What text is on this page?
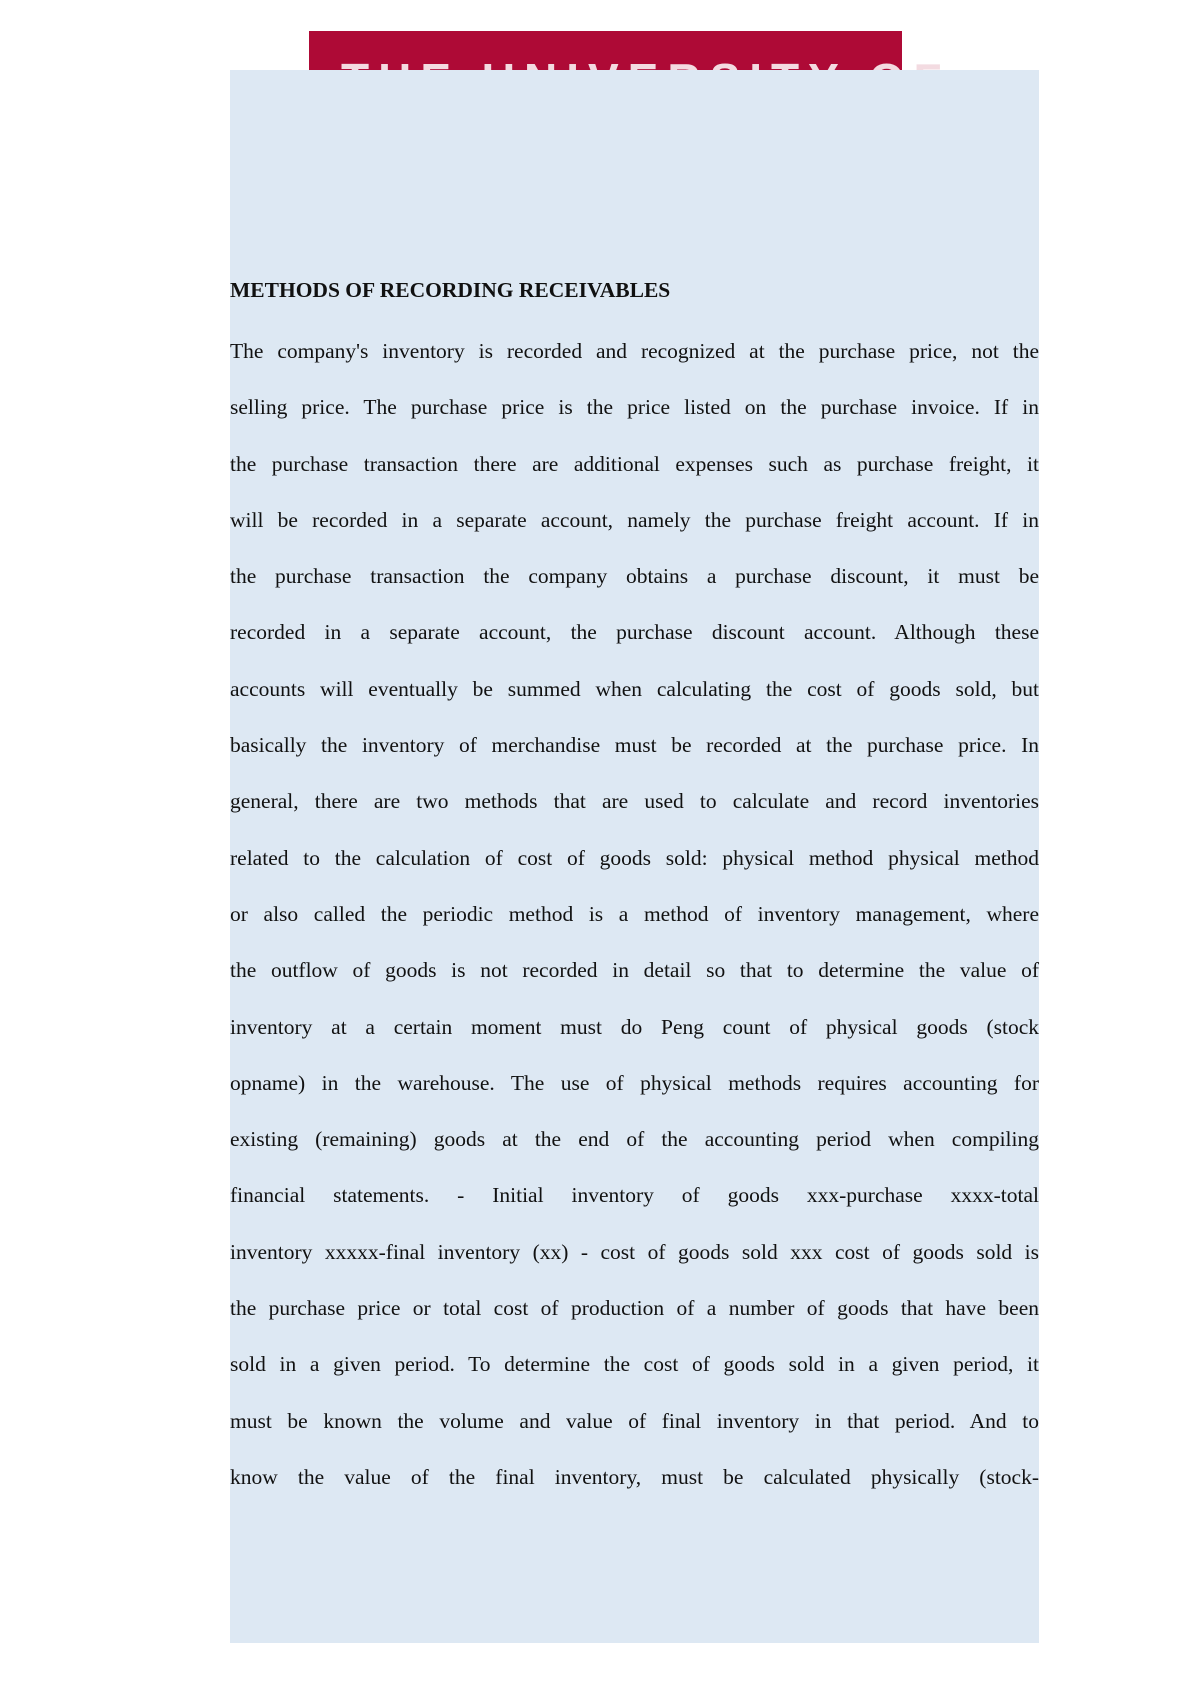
METHODS OF RECORDING RECEIVABLES
The company's inventory is recorded and recognized at the purchase price, not the
selling price. The purchase price is the price listed on the purchase invoice. If in
the purchase transaction there are additional expenses such as purchase freight, it
will be recorded in a separate account, namely the purchase freight account. If in
the purchase transaction the company obtains a purchase discount, it must be
recorded in a separate account, the purchase discount account. Although these
accounts will eventually be summed when calculating the cost of goods sold, but
basically the inventory of merchandise must be recorded at the purchase price. In
general, there are two methods that are used to calculate and record inventories
related to the calculation of cost of goods sold: physical method physical method
or also called the periodic method is a method of inventory management, where
the outflow of goods is not recorded in detail so that to determine the value of
inventory at a certain moment must do Peng count of physical goods (stock
opname) in the warehouse. The use of physical methods requires accounting for
existing (remaining) goods at the end of the accounting period when compiling
financial statements. - Initial inventory of goods xxx-purchase xxxx-total
inventory xxxxx-final inventory (xx) - cost of goods sold xxx cost of goods sold is
the purchase price or total cost of production of a number of goods that have been
sold in a given period. To determine the cost of goods sold in a given period, it
must be known the volume and value of final inventory in that period. And to
know the value of the final inventory, must be calculated physically (stock-
